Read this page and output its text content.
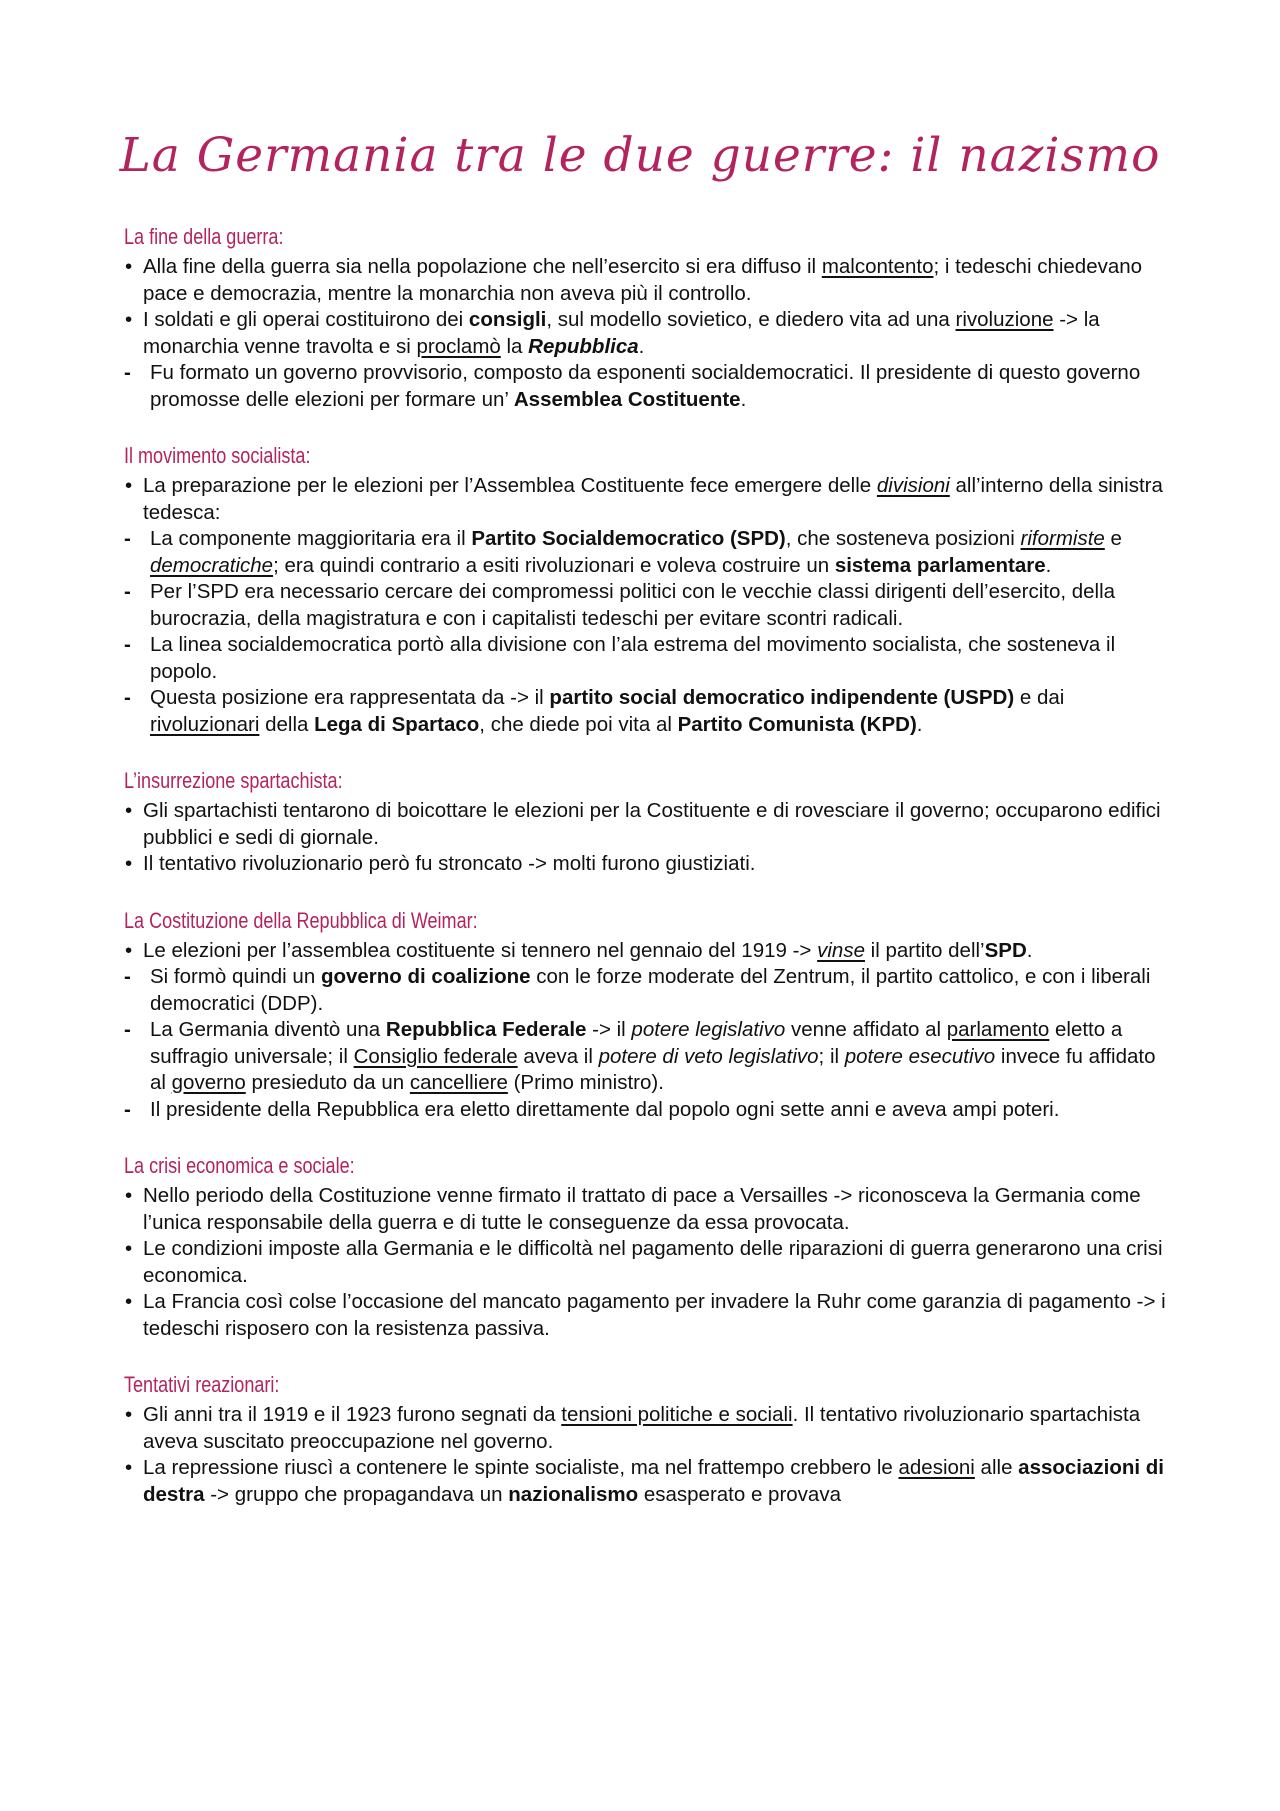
La Germania tra le due guerre: il nazismo
La fine della guerra:

• Alla fine della guerra sia nella popolazione che nell’esercito si era diffuso il malcontento; i tedeschi chiedevano pace e democrazia, mentre la monarchia non aveva più il controllo.

• I soldati e gli operai costituirono dei consigli, sul modello sovietico, e diedero vita ad una rivoluzione -> la monarchia venne travolta e si proclamò la Repubblica.

- Fu formato un governo provvisorio, composto da esponenti socialdemocratici. Il presidente di questo governo promosse delle elezioni per formare un’ Assemblea Costituente.

Il movimento socialista:

• La preparazione per le elezioni per l’Assemblea Costituente fece emergere delle divisioni all’interno della sinistra tedesca:

- La componente maggioritaria era il Partito Socialdemocratico (SPD), che sosteneva posizioni riformiste e democratiche; era quindi contrario a esiti rivoluzionari e voleva costruire un sistema parlamentare.

- Per l’SPD era necessario cercare dei compromessi politici con le vecchie classi dirigenti dell’esercito, della burocrazia, della magistratura e con i capitalisti tedeschi per evitare scontri radicali.

- La linea socialdemocratica portò alla divisione con l’ala estrema del movimento socialista, che sosteneva il popolo.

- Questa posizione era rappresentata da -> il partito social democratico indipendente (USPD) e dai rivoluzionari della Lega di Spartaco, che diede poi vita al Partito Comunista (KPD).

L’insurrezione spartachista:

• Gli spartachisti tentarono di boicottare le elezioni per la Costituente e di rovesciare il governo; occuparono edifici pubblici e sedi di giornale.

• Il tentativo rivoluzionario però fu stroncato -> molti furono giustiziati.

La Costituzione della Repubblica di Weimar:

• Le elezioni per l’assemblea costituente si tennero nel gennaio del 1919 -> vinse il partito dell’SPD.

- Si formò quindi un governo di coalizione con le forze moderate del Zentrum, il partito cattolico, e con i liberali democratici (DDP).

- La Germania diventò una Repubblica Federale -> il potere legislativo venne affidato al parlamento eletto a suffragio universale; il Consiglio federale aveva il potere di veto legislativo; il potere esecutivo invece fu affidato al governo presieduto da un cancelliere (Primo ministro).

- Il presidente della Repubblica era eletto direttamente dal popolo ogni sette anni e aveva ampi poteri.

La crisi economica e sociale:

• Nello periodo della Costituzione venne firmato il trattato di pace a Versailles -> riconosceva la Germania come l’unica responsabile della guerra e di tutte le conseguenze da essa provocata.

• Le condizioni imposte alla Germania e le difficoltà nel pagamento delle riparazioni di guerra generarono una crisi economica.

• La Francia così colse l’occasione del mancato pagamento per invadere la Ruhr come garanzia di pagamento -> i tedeschi risposero con la resistenza passiva.

Tentativi reazionari:

• Gli anni tra il 1919 e il 1923 furono segnati da tensioni politiche e sociali. Il tentativo rivoluzionario spartachista aveva suscitato preoccupazione nel governo.

• La repressione riuscì a contenere le spinte socialiste, ma nel frattempo crebbero le adesioni alle associazioni di destra -> gruppo che propagandava un nazionalismo esasperato e provava
